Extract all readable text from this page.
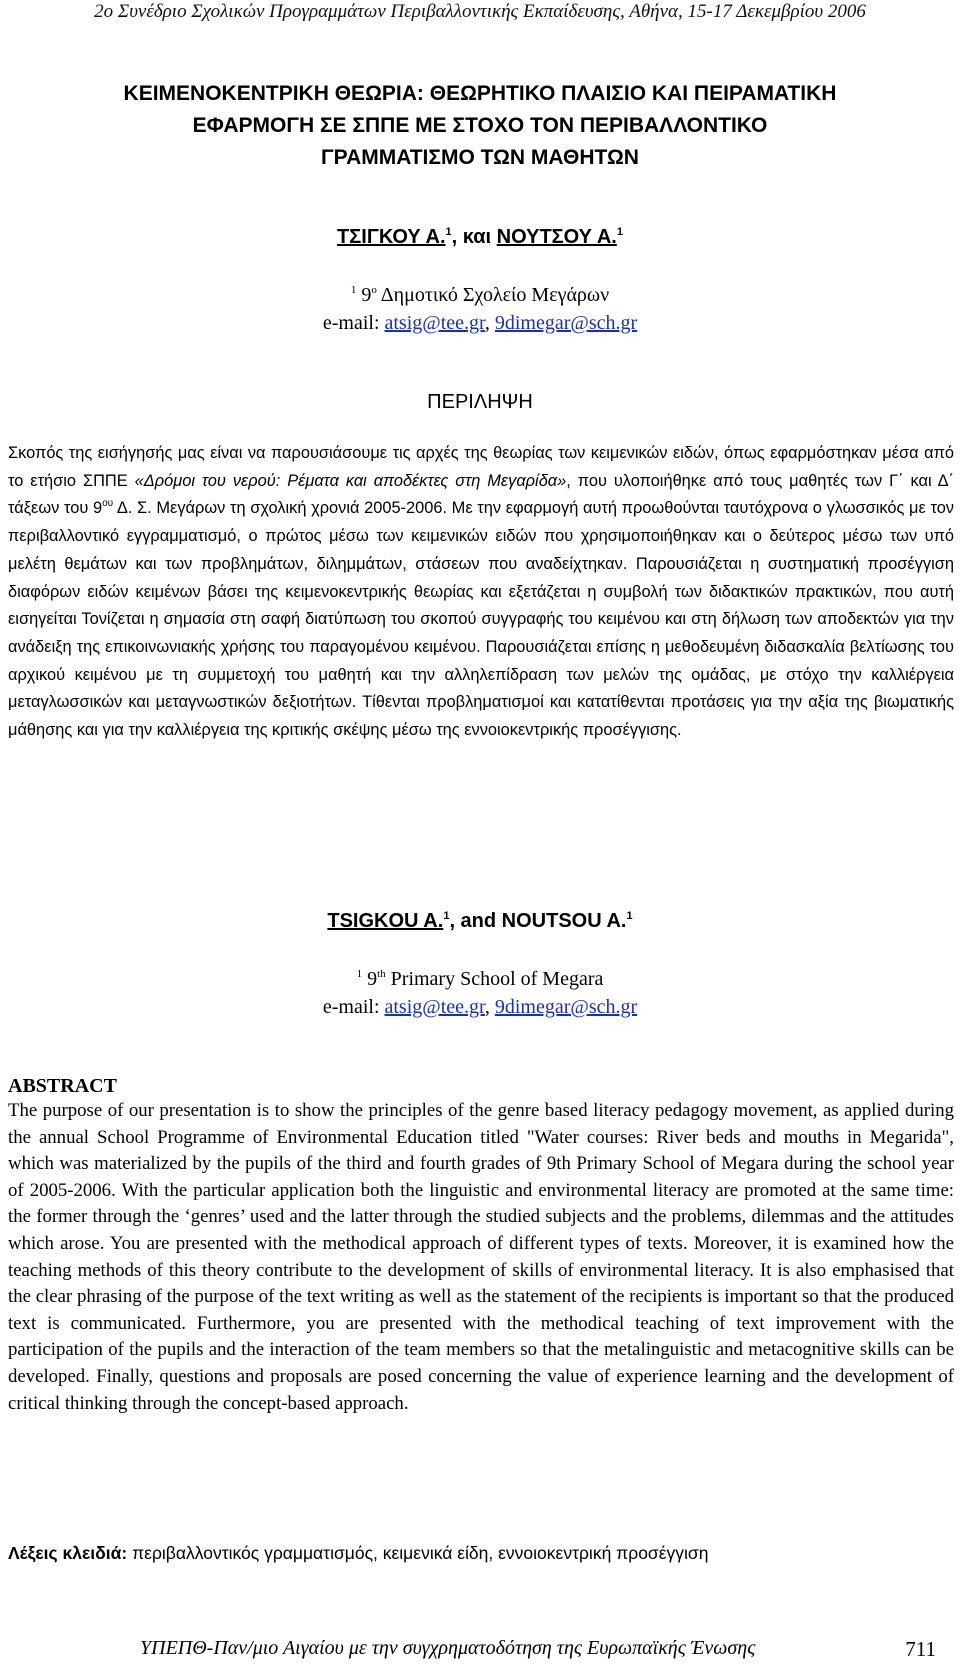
2ο Συνέδριο Σχολικών Προγραμμάτων Περιβαλλοντικής Εκπαίδευσης, Αθήνα, 15-17 Δεκεμβρίου 2006
ΚΕΙΜΕΝΟΚΕΝΤΡΙΚΗ ΘΕΩΡΙΑ: ΘΕΩΡΗΤΙΚΟ ΠΛΑΙΣΙΟ ΚΑΙ ΠΕΙΡΑΜΑΤΙΚΗ
ΕΦΑΡΜΟΓΗ ΣΕ ΣΠΠΕ ΜΕ ΣΤΟΧΟ ΤΟΝ ΠΕΡΙΒΑΛΛΟΝΤΙΚΟ
ΓΡΑΜΜΑΤΙΣΜΟ ΤΩΝ ΜΑΘΗΤΩΝ
ΤΣΙΓΚΟΥ Α.$^1$, και ΝΟΥΤΣΟΥ Α.$^1$
$^1$ $9^o$ Δημοτικό Σχολείο Μεγάρων
e-mail: atsig@tee.gr, 9dimegar@sch.gr
ΠΕΡΙΛΗΨΗ
Σκοπός της εισήγησής μας είναι να παρουσιάσουμε τις αρχές της θεωρίας των κειμενικών ειδών, όπως εφαρμόστηκαν μέσα από το ετήσιο ΣΠΠΕ «Δρόμοι του νερού: Ρέματα και αποδέκτες στη Μεγαρίδα», που υλοποιήθηκε από τους μαθητές των Γ΄ και Δ΄ τάξεων του $9^{o\upsilon}$ Δ. Σ. Μεγάρων τη σχολική χρονιά 2005-2006. Με την εφαρμογή αυτή προωθούνται ταυτόχρονα ο γλωσσικός με τον περιβαλλοντικό εγγραμματισμό, ο πρώτος μέσω των κειμενικών ειδών που χρησιμοποιήθηκαν και ο δεύτερος μέσω των υπό μελέτη θεμάτων και των προβλημάτων, διλημμάτων, στάσεων που αναδείχτηκαν. Παρουσιάζεται η συστηματική προσέγγιση διαφόρων ειδών κειμένων βάσει της κειμενοκεντρικής θεωρίας και εξετάζεται η συμβολή των διδακτικών πρακτικών, που αυτή εισηγείται Τονίζεται η σημασία στη σαφή διατύπωση του σκοπού συγγραφής του κειμένου και στη δήλωση των αποδεκτών για την ανάδειξη της επικοινωνιακής χρήσης του παραγομένου κειμένου. Παρουσιάζεται επίσης η μεθοδευμένη διδασκαλία βελτίωσης του αρχικού κειμένου με τη συμμετοχή του μαθητή και την αλληλεπίδραση των μελών της ομάδας, με στόχο την καλλιέργεια μεταγλωσσικών και μεταγνωστικών δεξιοτήτων. Τίθενται προβληματισμοί και κατατίθενται προτάσεις για την αξία της βιωματικής μάθησης και για την καλλιέργεια της κριτικής σκέψης μέσω της εννοιοκεντρικής προσέγγισης.
TSIGKOU A.$^1$, and NOUTSOU A.$^1$
$^1$ 9th Primary School of Megara
e-mail: atsig@tee.gr, 9dimegar@sch.gr
ABSTRACT
The purpose of our presentation is to show the principles of the genre based literacy pedagogy movement, as applied during the annual School Programme of Environmental Education titled "Water courses: River beds and mouths in Megarida", which was materialized by the pupils of the third and fourth grades of 9th Primary School of Megara during the school year of 2005-2006. With the particular application both the linguistic and environmental literacy are promoted at the same time: the former through the ‘genres’ used and the latter through the studied subjects and the problems, dilemmas and the attitudes which arose. You are presented with the methodical approach of different types of texts. Moreover, it is examined how the teaching methods of this theory contribute to the development of skills of environmental literacy. It is also emphasised that the clear phrasing of the purpose of the text writing as well as the statement of the recipients is important so that the produced text is communicated. Furthermore, you are presented with the methodical teaching of text improvement with the participation of the pupils and the interaction of the team members so that the metalinguistic and metacognitive skills can be developed. Finally, questions and proposals are posed concerning the value of experience learning and the development of critical thinking through the concept-based approach.
Λέξεις κλειδιά: περιβαλλοντικός γραμματισμός, κειμενικά είδη, εννοιοκεντρική προσέγγιση
ΥΠΕΠΘ-Παν/μιο Αιγαίου με την συγχρηματοδότηση της Ευρωπαϊκής Ένωσης	711
